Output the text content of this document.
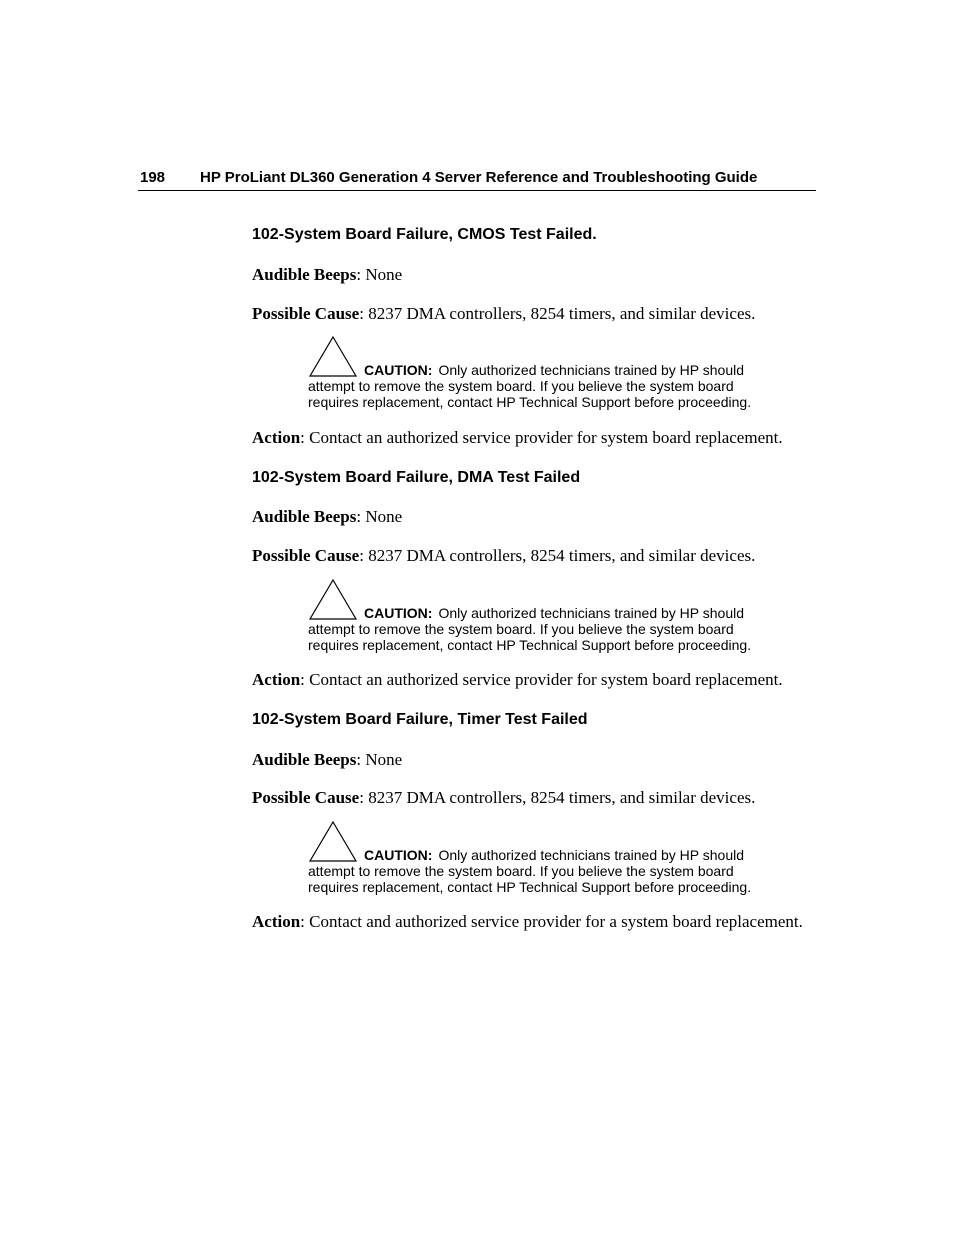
198 HP ProLiant DL360 Generation 4 Server Reference and Troubleshooting Guide
102-System Board Failure, CMOS Test Failed.
Audible Beeps: None
Possible Cause: 8237 DMA controllers, 8254 timers, and similar devices.
CAUTION: Only authorized technicians trained by HP should
attempt to remove the system board. If you believe the system board
requires replacement, contact HP Technical Support before proceeding.
Action: Contact an authorized service provider for system board replacement.
102-System Board Failure, DMA Test Failed
Audible Beeps: None
Possible Cause: 8237 DMA controllers, 8254 timers, and similar devices.
CAUTION: Only authorized technicians trained by HP should
attempt to remove the system board. If you believe the system board
requires replacement, contact HP Technical Support before proceeding.
Action: Contact an authorized service provider for system board replacement.
102-System Board Failure, Timer Test Failed
Audible Beeps: None
Possible Cause: 8237 DMA controllers, 8254 timers, and similar devices.
CAUTION: Only authorized technicians trained by HP should
attempt to remove the system board. If you believe the system board
requires replacement, contact HP Technical Support before proceeding.
Action: Contact and authorized service provider for a system board replacement.
